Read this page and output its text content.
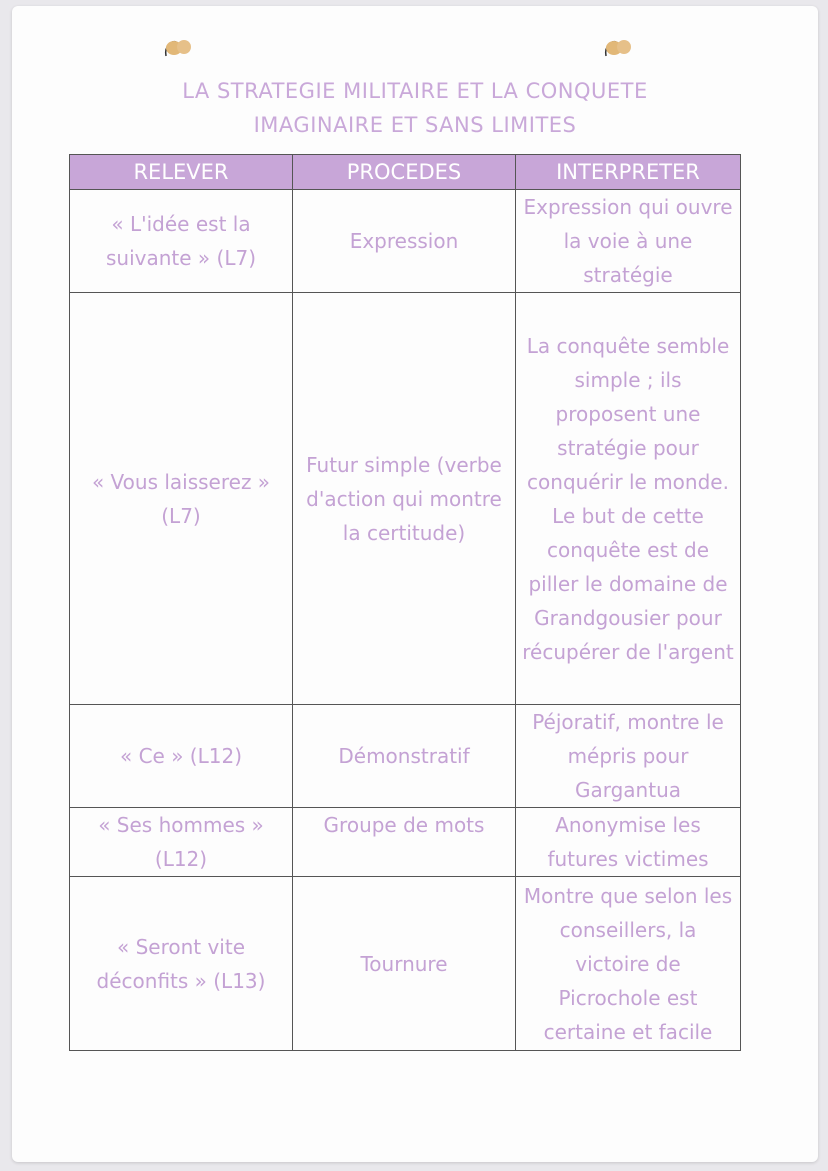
LA STRATEGIE MILITAIRE ET LA CONQUETE
IMAGINAIRE ET SANS LIMITES
RELEVER	PROCEDES	INTERPRETER
« L'idée est la suivante » (L7)	Expression	Expression qui ouvre la voie à une stratégie
« Vous laisserez » (L7)	Futur simple (verbe d'action qui montre la certitude)	La conquête semble simple ; ils proposent une stratégie pour conquérir le monde. Le but de cette conquête est de piller le domaine de Grandgousier pour récupérer de l'argent
« Ce » (L12)	Démonstratif	Péjoratif, montre le mépris pour Gargantua
« Ses hommes » (L12)	Groupe de mots	Anonymise les futures victimes
« Seront vite déconfits » (L13)	Tournure	Montre que selon les conseillers, la victoire de Picrochole est certaine et facile
